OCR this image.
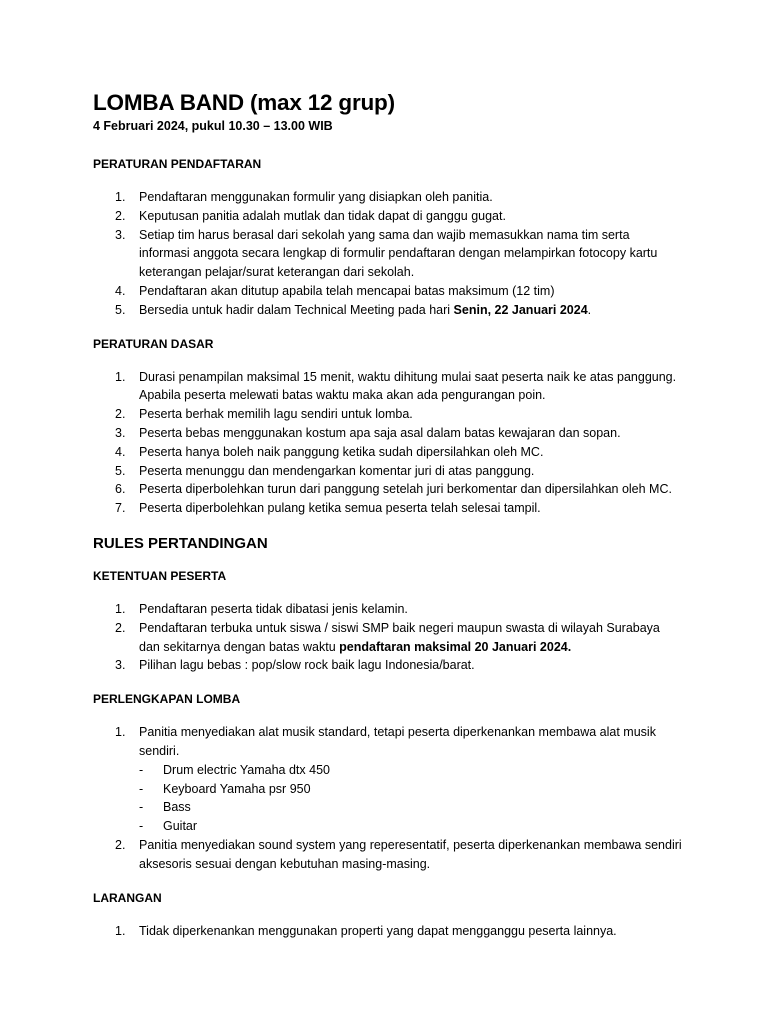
LOMBA BAND (max 12 grup)

4 Februari 2024, pukul 10.30 – 13.00 WIB

PERATURAN PENDAFTARAN

1. Pendaftaran menggunakan formulir yang disiapkan oleh panitia.
2. Keputusan panitia adalah mutlak dan tidak dapat di ganggu gugat.
3. Setiap tim harus berasal dari sekolah yang sama dan wajib memasukkan nama tim serta informasi anggota secara lengkap di formulir pendaftaran dengan melampirkan fotocopy kartu keterangan pelajar/surat keterangan dari sekolah.
4. Pendaftaran akan ditutup apabila telah mencapai batas maksimum (12 tim)
5. Bersedia untuk hadir dalam Technical Meeting pada hari Senin, 22 Januari 2024.

PERATURAN DASAR

1. Durasi penampilan maksimal 15 menit, waktu dihitung mulai saat peserta naik ke atas panggung. Apabila peserta melewati batas waktu maka akan ada pengurangan poin.
2. Peserta berhak memilih lagu sendiri untuk lomba.
3. Peserta bebas menggunakan kostum apa saja asal dalam batas kewajaran dan sopan.
4. Peserta hanya boleh naik panggung ketika sudah dipersilahkan oleh MC.
5. Peserta menunggu dan mendengarkan komentar juri di atas panggung.
6. Peserta diperbolehkan turun dari panggung setelah juri berkomentar dan dipersilahkan oleh MC.
7. Peserta diperbolehkan pulang ketika semua peserta telah selesai tampil.

RULES PERTANDINGAN

KETENTUAN PESERTA

1. Pendaftaran peserta tidak dibatasi jenis kelamin.
2. Pendaftaran terbuka untuk siswa / siswi SMP baik negeri maupun swasta di wilayah Surabaya dan sekitarnya dengan batas waktu pendaftaran maksimal 20 Januari 2024.
3. Pilihan lagu bebas : pop/slow rock baik lagu Indonesia/barat.

PERLENGKAPAN LOMBA

1. Panitia menyediakan alat musik standard, tetapi peserta diperkenankan membawa alat musik sendiri.
- Drum electric Yamaha dtx 450
- Keyboard Yamaha psr 950
- Bass
- Guitar
2. Panitia menyediakan sound system yang reperesentatif, peserta diperkenankan membawa sendiri aksesoris sesuai dengan kebutuhan masing-masing.

LARANGAN

1. Tidak diperkenankan menggunakan properti yang dapat mengganggu peserta lainnya.
